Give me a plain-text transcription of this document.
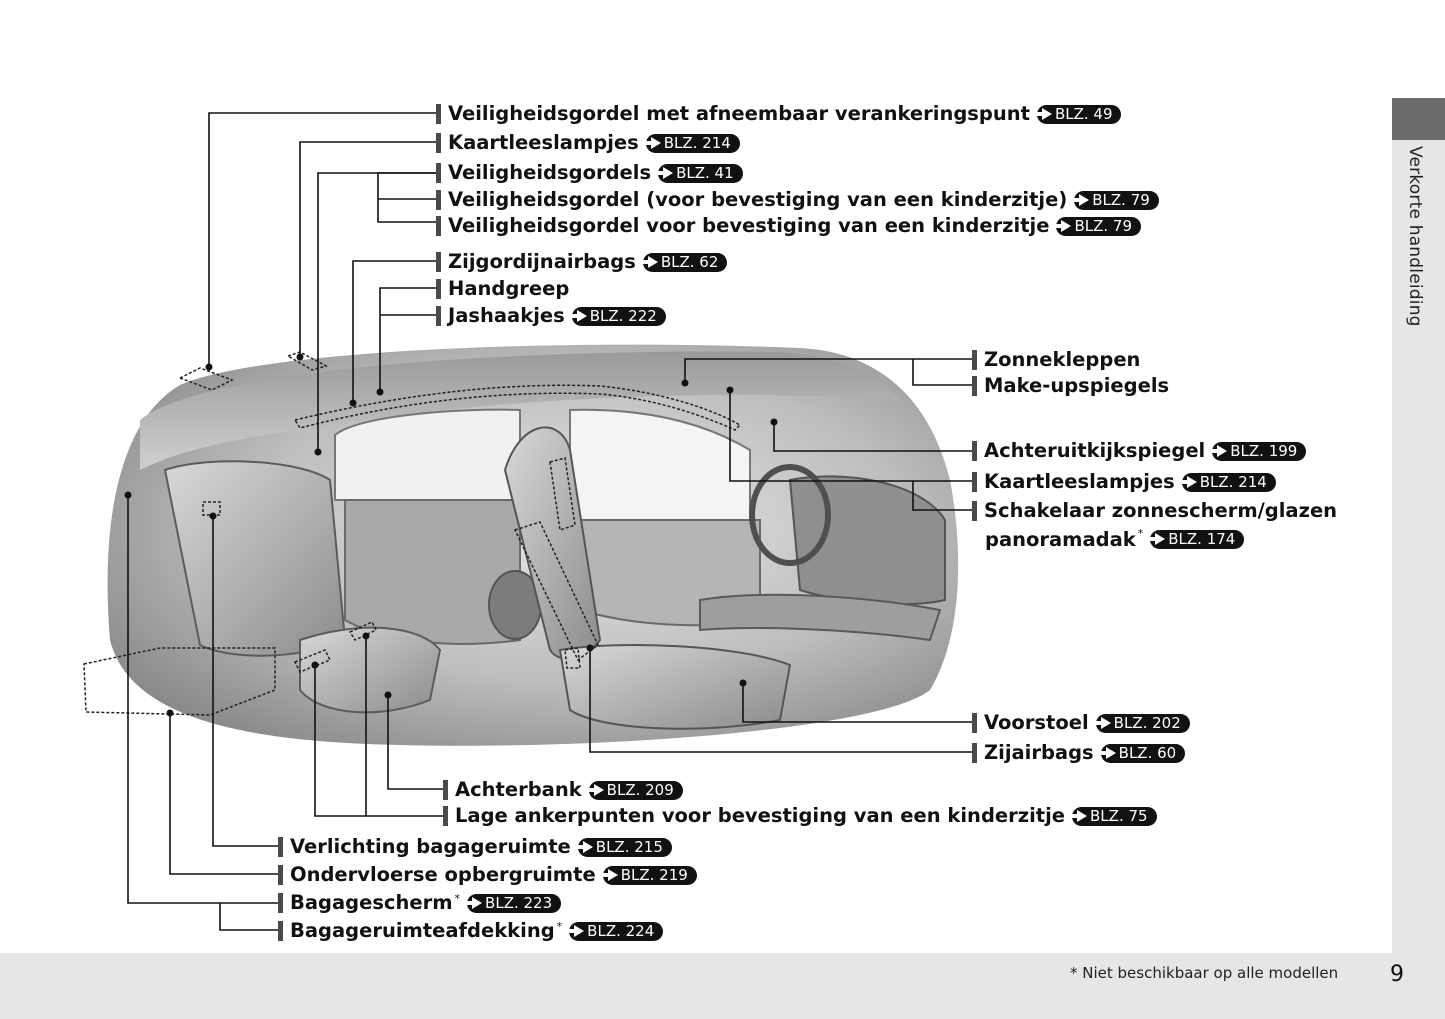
Verkorte handleiding
* Niet beschikbaar op alle modellen 9
Veiligheidsgordel met afneembaar verankeringspunt BLZ. 49
Kaartleeslampjes BLZ. 214
Veiligheidsgordels BLZ. 41
Veiligheidsgordel (voor bevestiging van een kinderzitje) BLZ. 79
Veiligheidsgordel voor bevestiging van een kinderzitje BLZ. 79
Zijgordijnairbags BLZ. 62
Handgreep
Jashaakjes BLZ. 222
Zonnekleppen
Make-upspiegels
Achteruitkijkspiegel BLZ. 199
Kaartleeslampjes BLZ. 214
Schakelaar zonnescherm/glazen
panoramadak* BLZ. 174
Voorstoel BLZ. 202
Zijairbags BLZ. 60
Achterbank BLZ. 209
Lage ankerpunten voor bevestiging van een kinderzitje BLZ. 75
Verlichting bagageruimte BLZ. 215
Ondervloerse opbergruimte BLZ. 219
Bagagescherm* BLZ. 223
Bagageruimteafdekking* BLZ. 224
